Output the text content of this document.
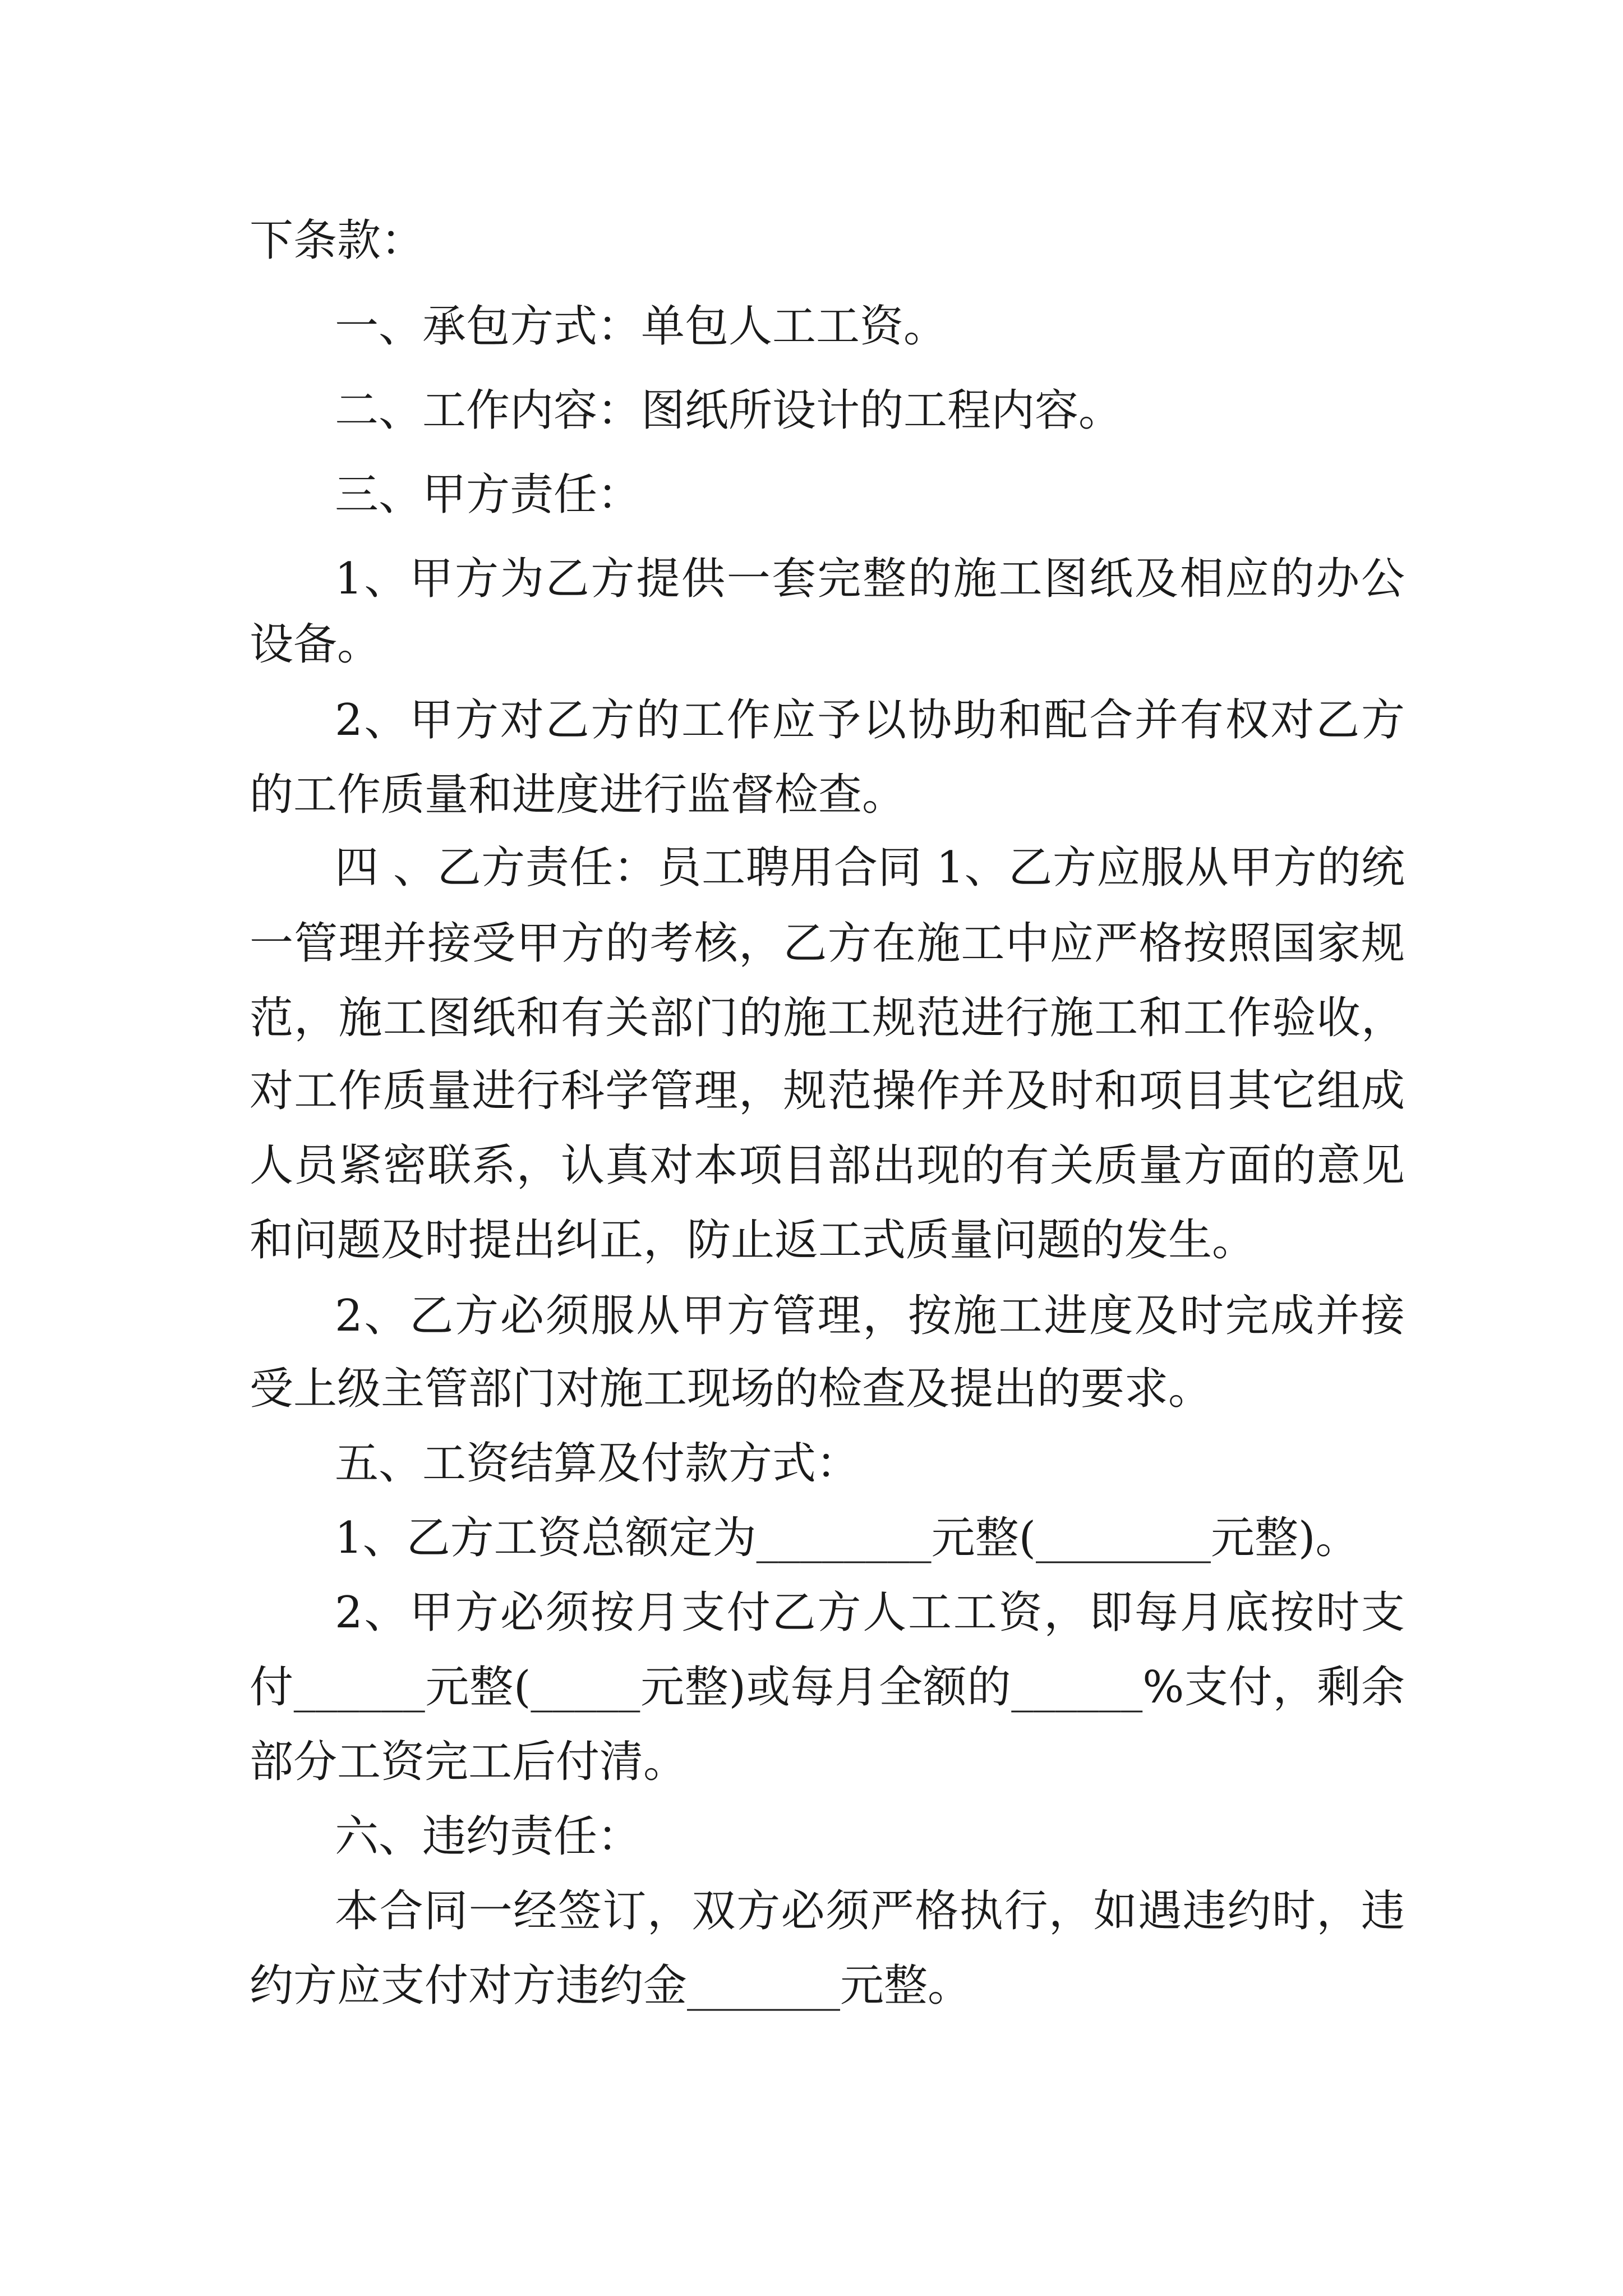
下条款：
一、承包方式：单包人工工资。
二、工作内容：图纸所设计的工程内容。
三、甲方责任：
1、甲方为乙方提供一套完整的施工图纸及相应的办公
设备。
2、甲方对乙方的工作应予以协助和配合并有权对乙方
的工作质量和进度进行监督检查。
四 、乙方责任：员工聘用合同 1、乙方应服从甲方的统
一管理并接受甲方的考核，乙方在施工中应严格按照国家规
范，施工图纸和有关部门的施工规范进行施工和工作验收，
对工作质量进行科学管理，规范操作并及时和项目其它组成
人员紧密联系，认真对本项目部出现的有关质量方面的意见
和问题及时提出纠正，防止返工式质量问题的发生。
2、乙方必须服从甲方管理，按施工进度及时完成并接
受上级主管部门对施工现场的检查及提出的要求。
五、工资结算及付款方式：
1、乙方工资总额定为________元整(________元整)。
2、甲方必须按月支付乙方人工工资，即每月底按时支
付______元整(_____元整)或每月全额的______%支付，剩余
部分工资完工后付清。
六、违约责任：
本合同一经签订，双方必须严格执行，如遇违约时，违
约方应支付对方违约金_______元整。
